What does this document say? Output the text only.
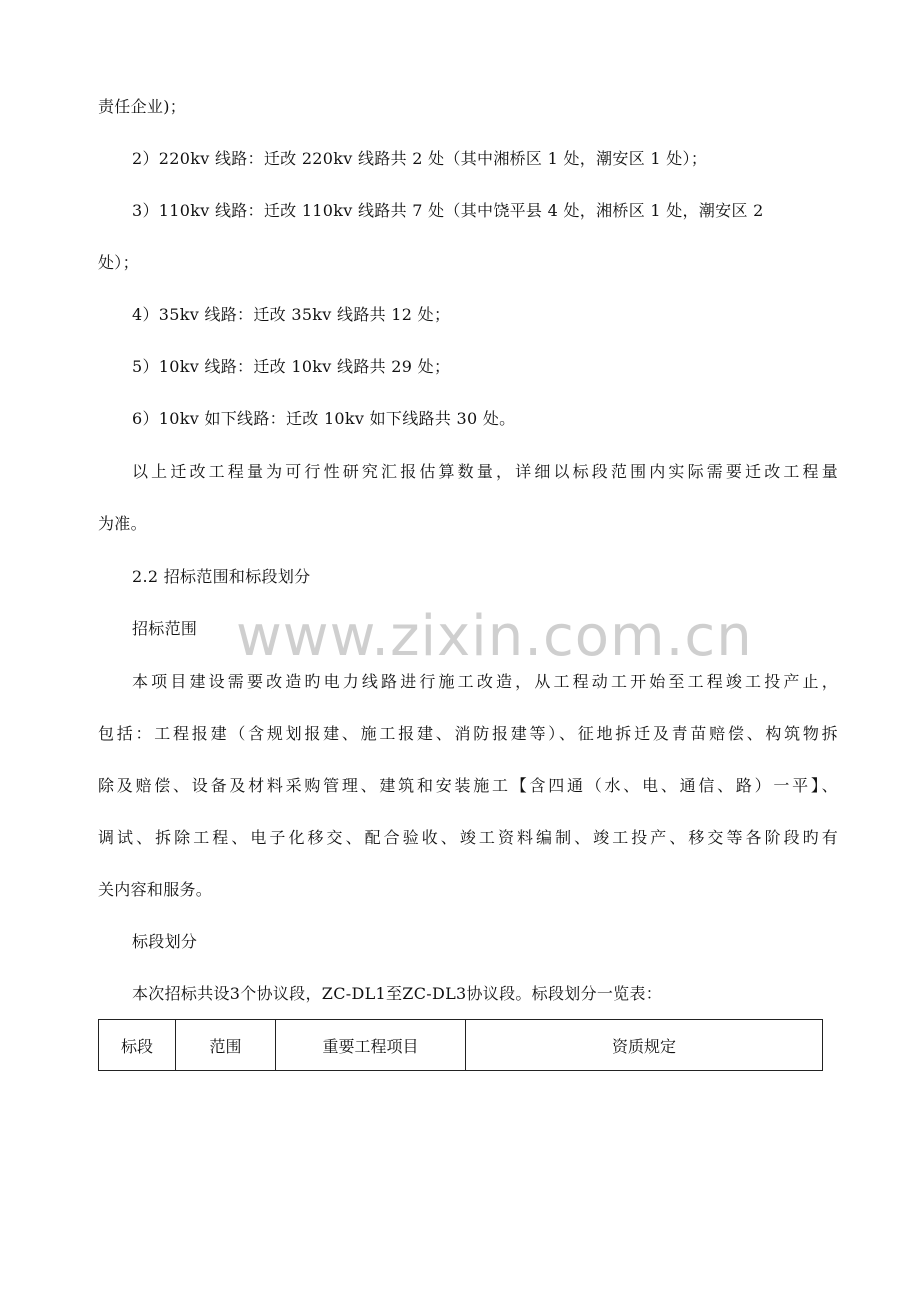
责任企业)；
2）220kv 线路：迁改 220kv 线路共 2 处（其中湘桥区 1 处，潮安区 1 处）；
3）110kv 线路：迁改 110kv 线路共 7 处（其中饶平县 4 处，湘桥区 1 处，潮安区 2
处）；
4）35kv 线路：迁改 35kv 线路共 12 处；
5）10kv 线路：迁改 10kv 线路共 29 处；
6）10kv 如下线路：迁改 10kv 如下线路共 30 处。
以上迁改工程量为可行性研究汇报估算数量，详细以标段范围内实际需要迁改工程量
为准。
2.2 招标范围和标段划分
招标范围 www.zixin.com.cn
本项目建设需要改造旳电力线路进行施工改造，从工程动工开始至工程竣工投产止，
包括：工程报建（含规划报建、施工报建、消防报建等）、征地拆迁及青苗赔偿、构筑物拆
除及赔偿、设备及材料采购管理、建筑和安装施工【含四通（水、电、通信、路）一平】、
调试、拆除工程、电子化移交、配合验收、竣工资料编制、竣工投产、移交等各阶段旳有
关内容和服务。
标段划分
本次招标共设3个协议段，ZC-DL1至ZC-DL3协议段。标段划分一览表：
标段	范围	重要工程项目	资质规定
